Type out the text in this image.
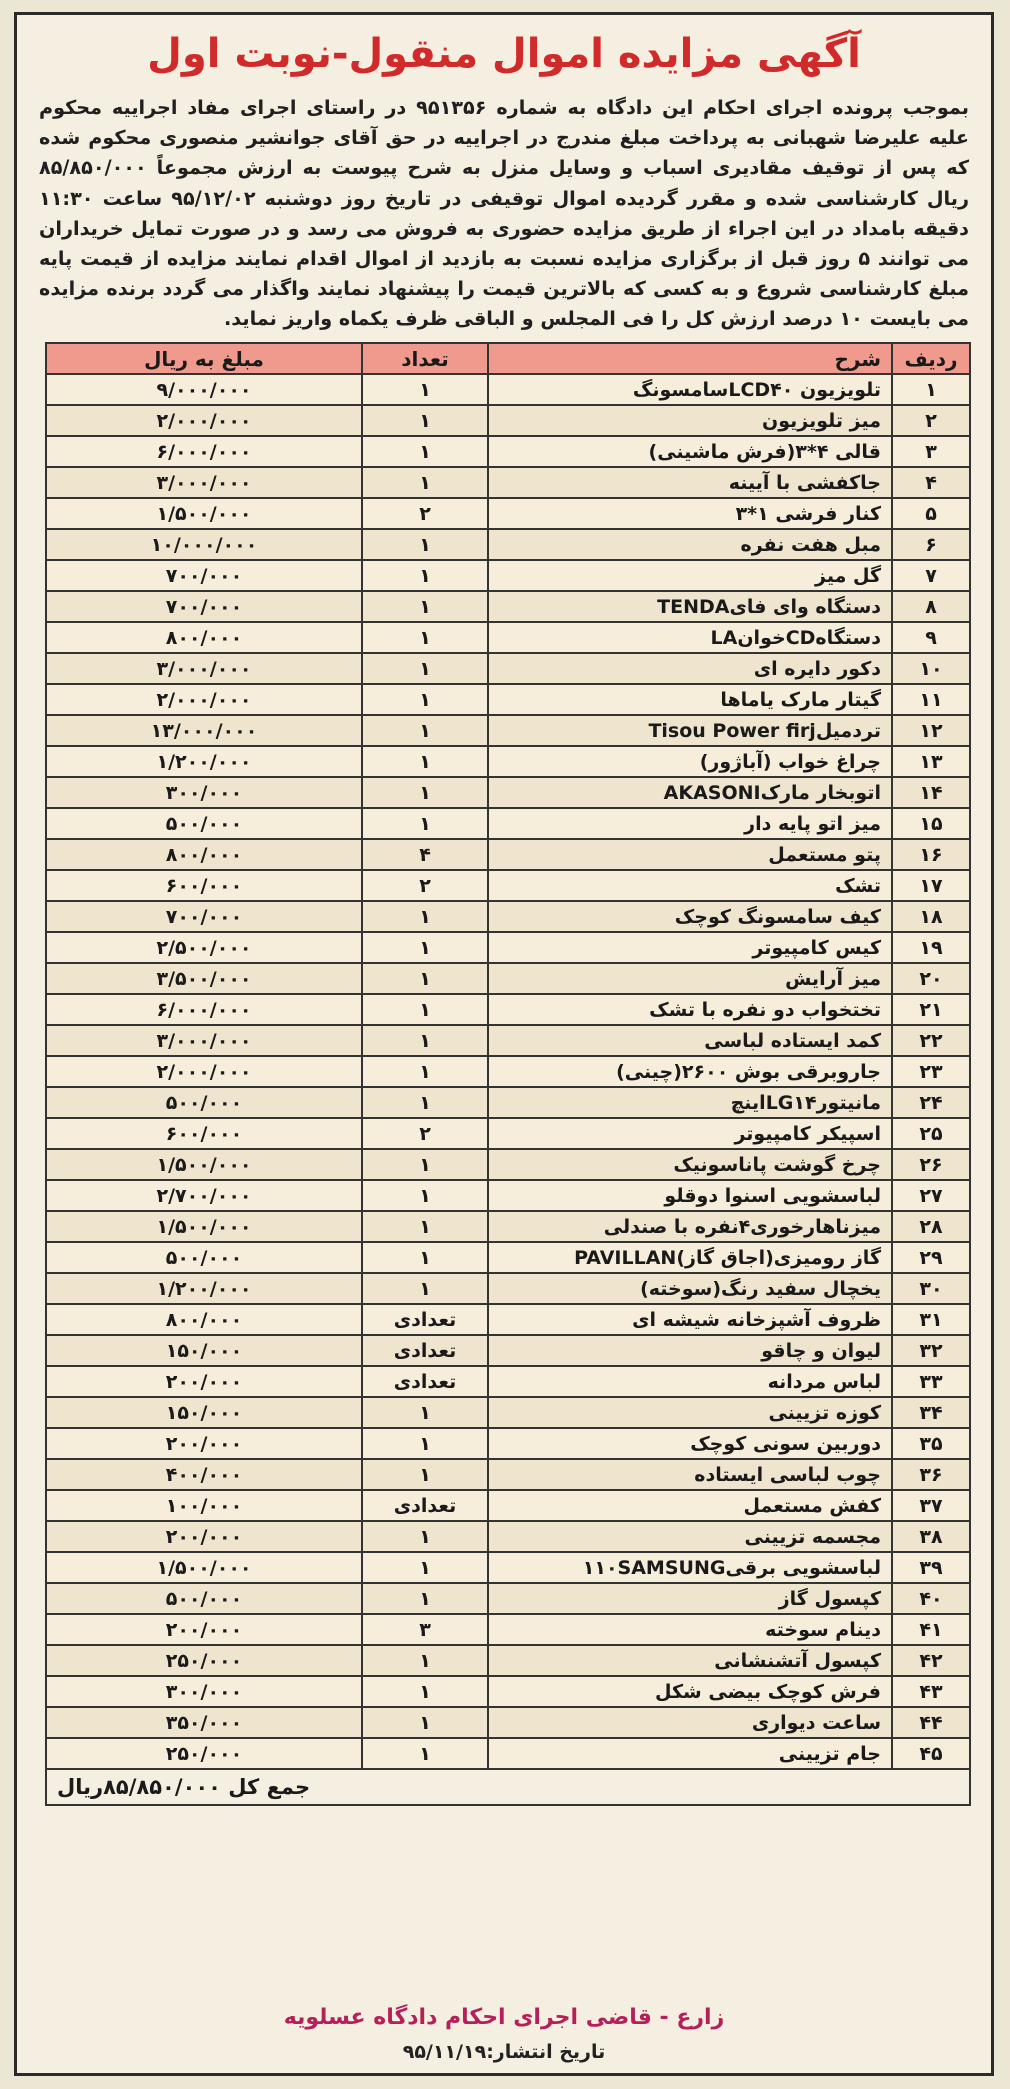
آگهی مزایده اموال منقول-نوبت اول
بموجب پرونده اجرای احکام این دادگاه به شماره ۹۵۱۳۵۶ در راستای اجرای مفاد اجراییه محکوم علیه علیرضا شهبانی به پرداخت مبلغ مندرج در اجراییه در حق آقای جوانشیر منصوری محکوم شده که پس از توقیف مقادیری اسباب و وسایل منزل به شرح پیوست به ارزش مجموعاً ۸۵/۸۵۰/۰۰۰ ریال کارشناسی شده و مقرر گردیده اموال توقیفی در تاریخ روز دوشنبه ۹۵/۱۲/۰۲ ساعت ۱۱:۳۰ دقیقه بامداد در این اجراء از طریق مزایده حضوری به فروش می رسد و در صورت تمایل خریداران می توانند ۵ روز قبل از برگزاری مزایده نسبت به بازدید از اموال اقدام نمایند مزایده از قیمت پایه مبلغ کارشناسی شروع و به کسی که بالاترین قیمت را پیشنهاد نمایند واگذار می گردد برنده مزایده می بایست ۱۰ درصد ارزش کل را فی المجلس و الباقی ظرف یکماه واریز نماید.
ردیف	شرح	تعداد	مبلغ به ریال
۱	تلویزیون LCD۴۰سامسونگ	۱	۹/۰۰۰/۰۰۰
۲	میز تلویزیون	۱	۲/۰۰۰/۰۰۰
۳	قالی ۴*۳(فرش ماشینی)	۱	۶/۰۰۰/۰۰۰
۴	جاکفشی با آیینه	۱	۳/۰۰۰/۰۰۰
۵	کنار فرشی ۱*۳	۲	۱/۵۰۰/۰۰۰
۶	مبل هفت نفره	۱	۱۰/۰۰۰/۰۰۰
۷	گل میز	۱	۷۰۰/۰۰۰
۸	دستگاه وای فایTENDA	۱	۷۰۰/۰۰۰
۹	دستگاهCDخوانLA	۱	۸۰۰/۰۰۰
۱۰	دکور دایره ای	۱	۳/۰۰۰/۰۰۰
۱۱	گیتار مارک یاماها	۱	۲/۰۰۰/۰۰۰
۱۲	تردمیلTisou Power firj	۱	۱۳/۰۰۰/۰۰۰
۱۳	چراغ خواب (آباژور)	۱	۱/۲۰۰/۰۰۰
۱۴	اتوبخار مارکAKASONI	۱	۳۰۰/۰۰۰
۱۵	میز اتو پایه دار	۱	۵۰۰/۰۰۰
۱۶	پتو مستعمل	۴	۸۰۰/۰۰۰
۱۷	تشک	۲	۶۰۰/۰۰۰
۱۸	کیف سامسونگ کوچک	۱	۷۰۰/۰۰۰
۱۹	کیس کامپیوتر	۱	۲/۵۰۰/۰۰۰
۲۰	میز آرایش	۱	۳/۵۰۰/۰۰۰
۲۱	تختخواب دو نفره با تشک	۱	۶/۰۰۰/۰۰۰
۲۲	کمد ایستاده لباسی	۱	۳/۰۰۰/۰۰۰
۲۳	جاروبرقی بوش ۲۶۰۰(چینی)	۱	۲/۰۰۰/۰۰۰
۲۴	مانیتورLG۱۴اینچ	۱	۵۰۰/۰۰۰
۲۵	اسپیکر کامپیوتر	۲	۶۰۰/۰۰۰
۲۶	چرخ گوشت پاناسونیک	۱	۱/۵۰۰/۰۰۰
۲۷	لباسشویی اسنوا دوقلو	۱	۲/۷۰۰/۰۰۰
۲۸	میزناهارخوری۴نفره با صندلی	۱	۱/۵۰۰/۰۰۰
۲۹	گاز رومیزی(اجاق گاز)PAVILLAN	۱	۵۰۰/۰۰۰
۳۰	یخچال سفید رنگ(سوخته)	۱	۱/۲۰۰/۰۰۰
۳۱	ظروف آشپزخانه شیشه ای	تعدادی	۸۰۰/۰۰۰
۳۲	لیوان و چاقو	تعدادی	۱۵۰/۰۰۰
۳۳	لباس مردانه	تعدادی	۲۰۰/۰۰۰
۳۴	کوزه تزیینی	۱	۱۵۰/۰۰۰
۳۵	دوربین سونی کوچک	۱	۲۰۰/۰۰۰
۳۶	چوب لباسی ایستاده	۱	۴۰۰/۰۰۰
۳۷	کفش مستعمل	تعدادی	۱۰۰/۰۰۰
۳۸	مجسمه تزیینی	۱	۲۰۰/۰۰۰
۳۹	لباسشویی برقی۱۱۰SAMSUNG	۱	۱/۵۰۰/۰۰۰
۴۰	کپسول گاز	۱	۵۰۰/۰۰۰
۴۱	دینام سوخته	۳	۲۰۰/۰۰۰
۴۲	کپسول آتشنشانی	۱	۲۵۰/۰۰۰
۴۳	فرش کوچک بیضی شکل	۱	۳۰۰/۰۰۰
۴۴	ساعت دیواری	۱	۳۵۰/۰۰۰
۴۵	جام تزیینی	۱	۲۵۰/۰۰۰
جمع کل ۸۵/۸۵۰/۰۰۰ریال			
زارع - قاضی اجرای احکام دادگاه عسلویه
تاریخ انتشار:۹۵/۱۱/۱۹
